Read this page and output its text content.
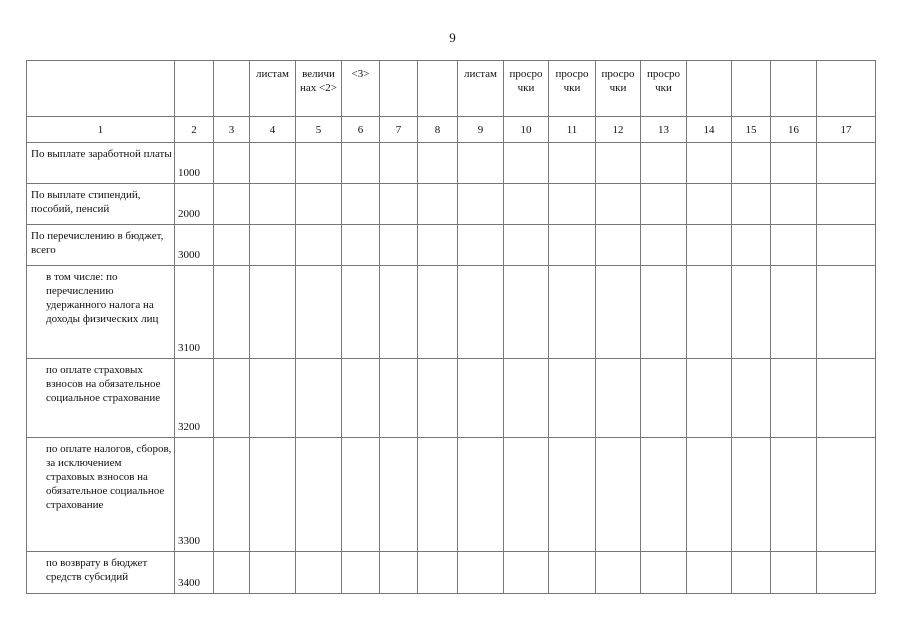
9
			листам	величи нах <2>	<3>			листам	просро чки	просро чки	просро чки	просро чки				
1	2	3	4	5	6	7	8	9	10	11	12	13	14	15	16	17
По выплате заработной платы	1000															
По выплате стипендий, пособий, пенсий	2000															
По перечислению в бюджет, всего	3000															
в том числе: по перечислению удержанного налога на доходы физических лиц	3100															
по оплате страховых взносов на обязательное социальное страхование	3200															
по оплате налогов, сборов, за исключением страховых взносов на обязательное социальное страхование	3300															
по возврату в бюджет средств субсидий	3400															
